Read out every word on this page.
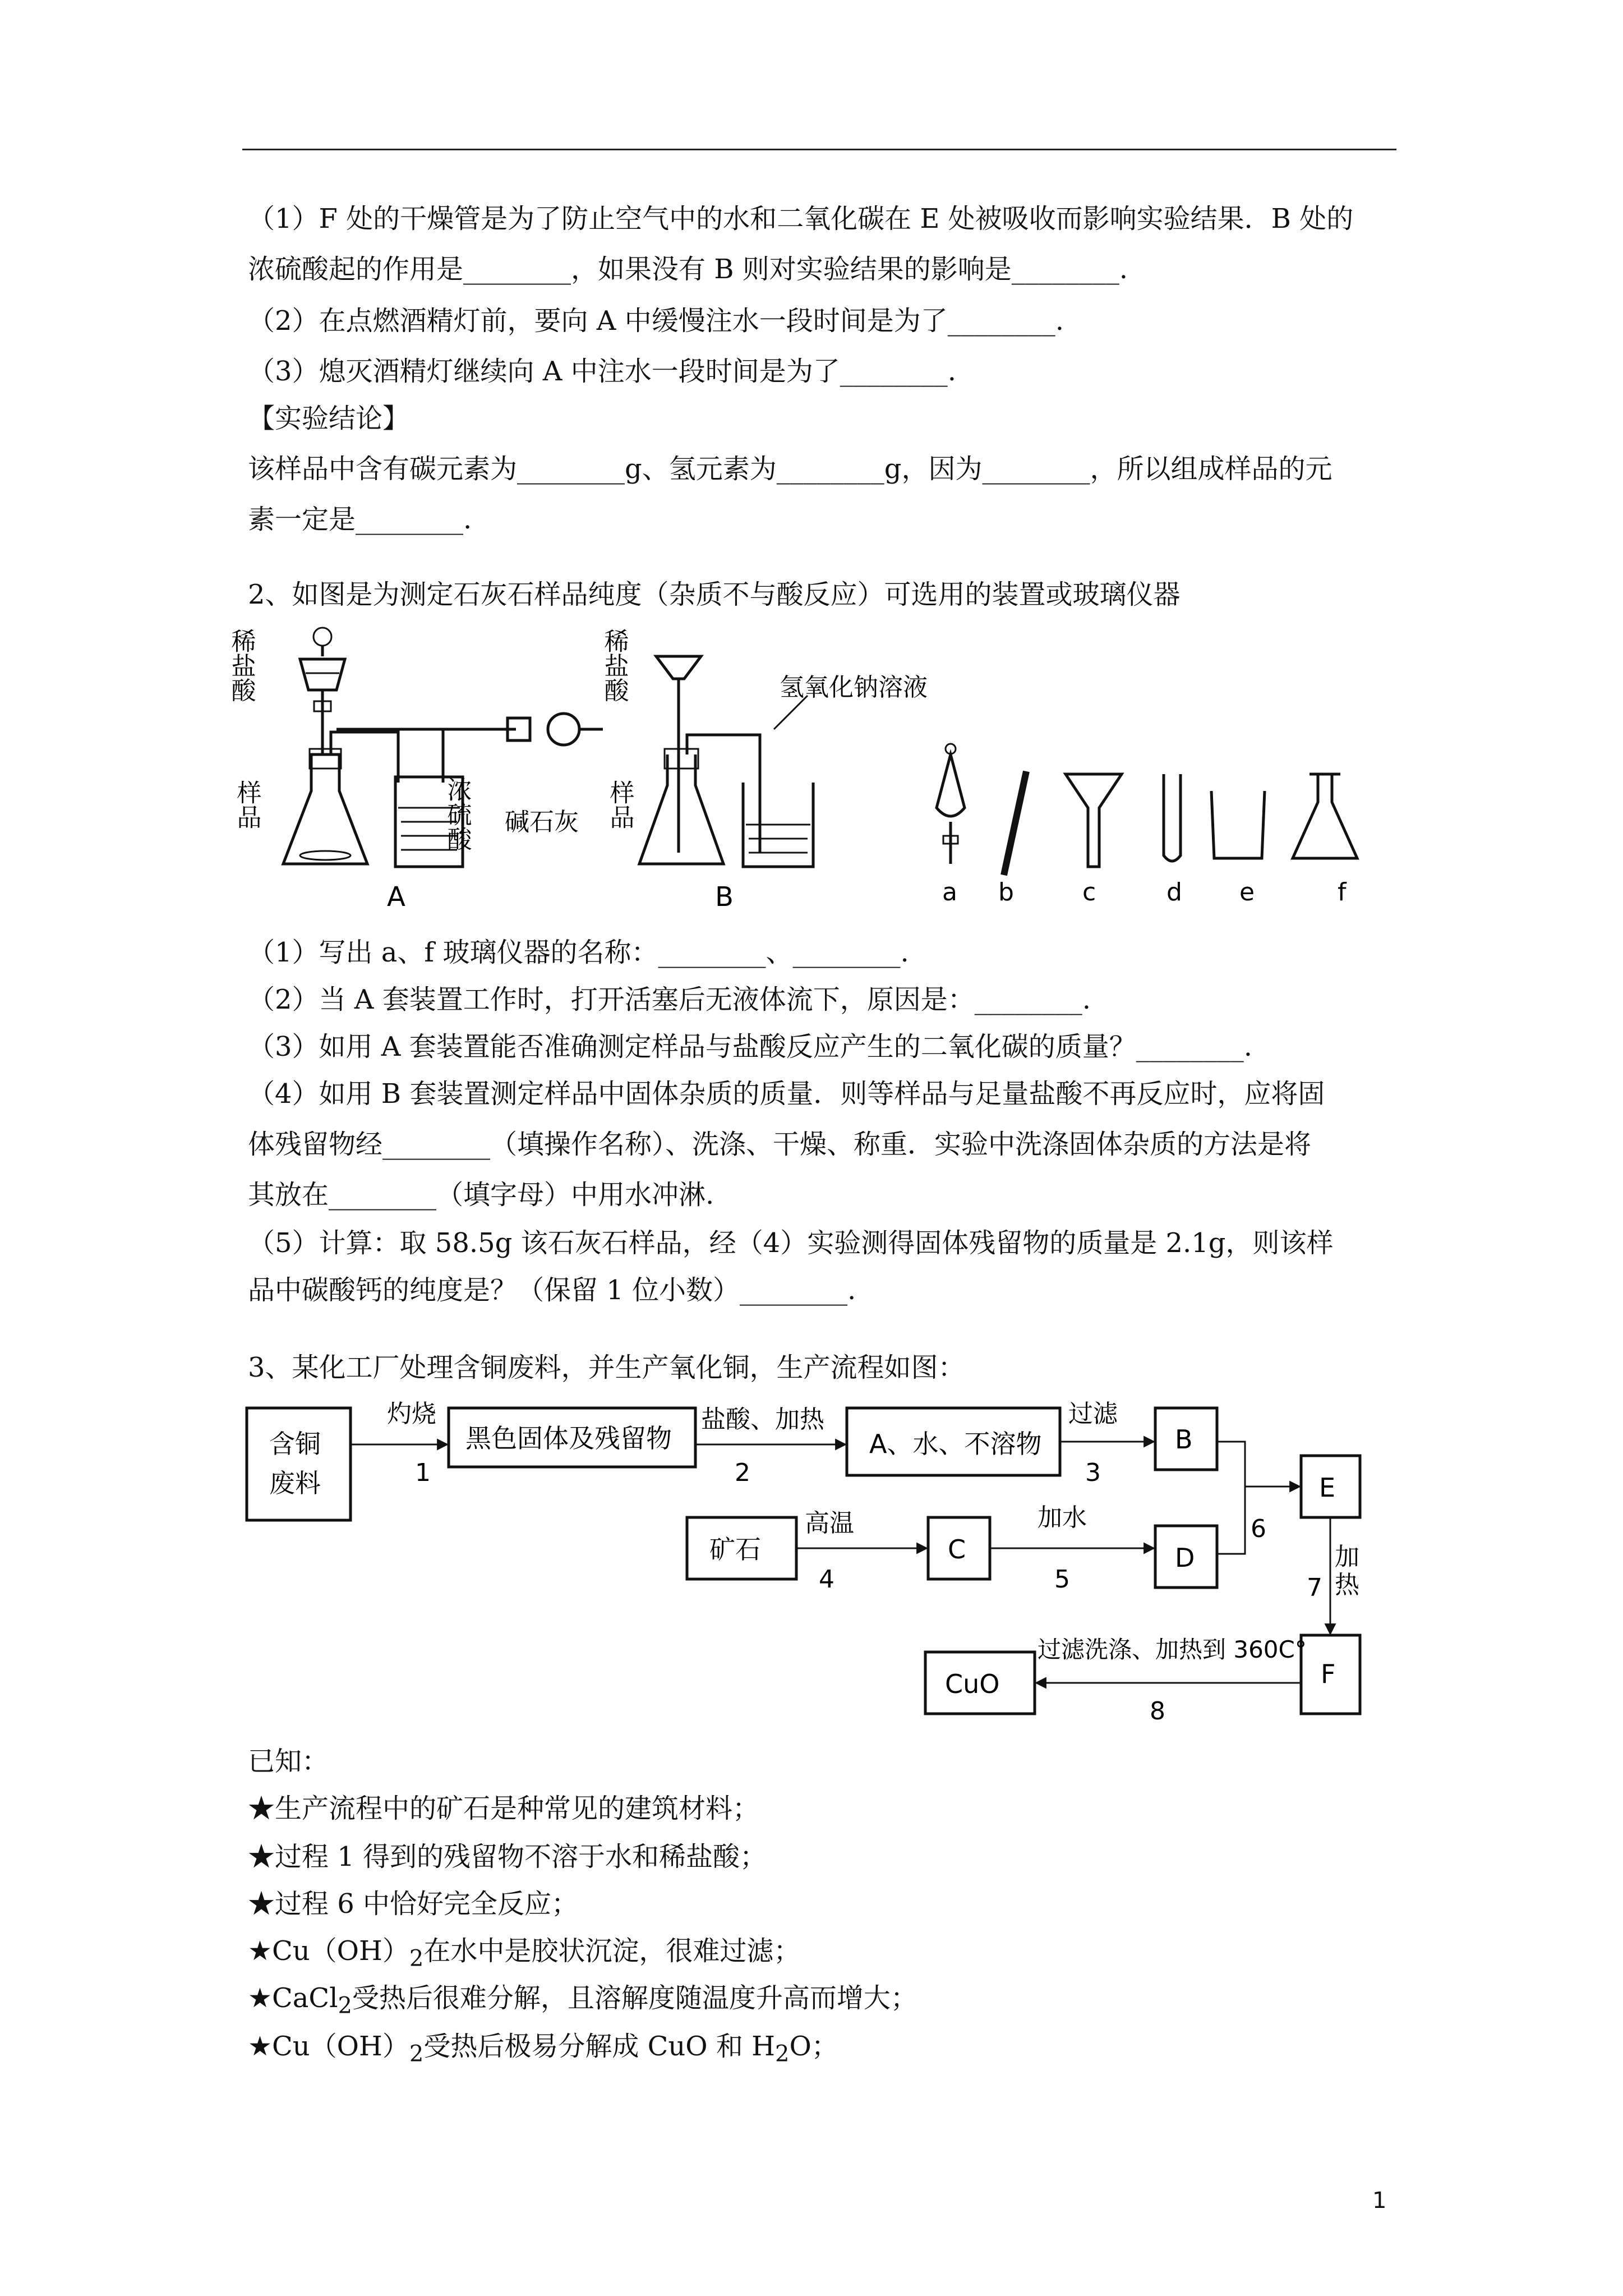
（1）F 处的干燥管是为了防止空气中的水和二氧化碳在 E 处被吸收而影响实验结果．B 处的
浓硫酸起的作用是________，如果没有 B 则对实验结果的影响是________.
（2）在点燃酒精灯前，要向 A 中缓慢注水一段时间是为了________.
（3）熄灭酒精灯继续向 A 中注水一段时间是为了________.
【实验结论】
该样品中含有碳元素为________g、氢元素为________g，因为________，所以组成样品的元
素一定是________.
2、如图是为测定石灰石样品纯度（杂质不与酸反应）可选用的装置或玻璃仪器
稀盐酸
样品	浓硫酸 碱石灰
A
稀盐酸
样品
氢氧化钠溶液
B	a b	c	d e	f
（1）写出 a、f 玻璃仪器的名称：________、________.
（2）当 A 套装置工作时，打开活塞后无液体流下，原因是：________.
（3）如用 A 套装置能否准确测定样品与盐酸反应产生的二氧化碳的质量？________.
（4）如用 B 套装置测定样品中固体杂质的质量．则等样品与足量盐酸不再反应时，应将固
体残留物经________（填操作名称）、洗涤、干燥、称重．实验中洗涤固体杂质的方法是将
其放在________（填字母）中用水冲淋.
（5）计算：取 58.5g 该石灰石样品，经（4）实验测得固体残留物的质量是 2.1g，则该样
品中碳酸钙的纯度是？（保留 1 位小数）________.
3、某化工厂处理含铜废料，并生产氧化铜，生产流程如图：
含铜
废料
黑色固体及残留物	A、水、不溶物	B
E
矿石	C	D
F
CuO
灼烧
1
盐酸、加热
2
过滤
3
高温
4
加水
5
6
7
加
热
过滤洗涤、加热到 360C°
8
已知：
★生产流程中的矿石是种常见的建筑材料；
★过程 1 得到的残留物不溶于水和稀盐酸；
★过程 6 中恰好完全反应；
$★Cu(OH)_2$在水中是胶状沉淀，很难过滤；
★CaCl$_2$受热后很难分解，且溶解度随温度升高而增大；
$★Cu(OH)_2$受热后极易分解成 CuO 和 $H_2O$；
1
